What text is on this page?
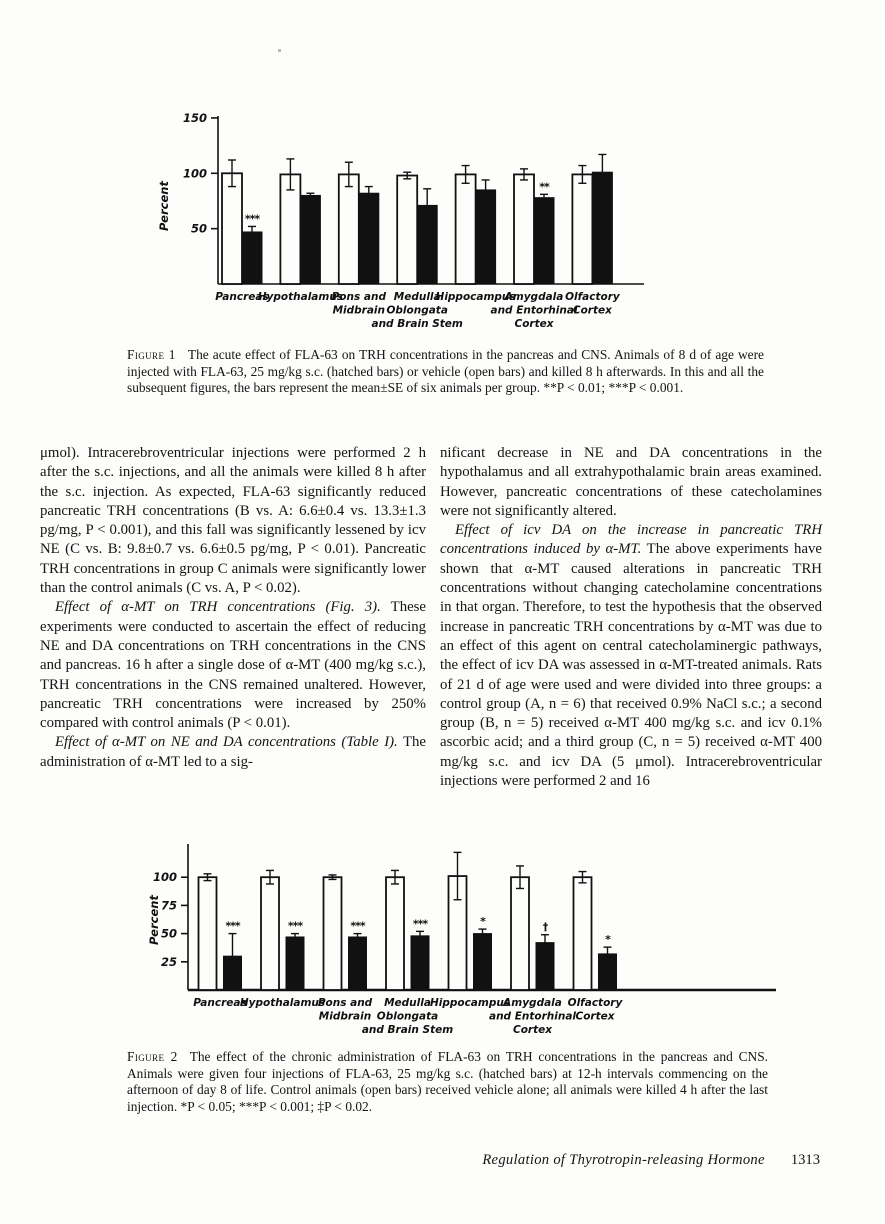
50
100
150
Percent	***
Pancreas
Hypothalamus
Pons and
Midbrain
Medulla
Oblongata
and Brain Stem
Hippocampus
**
Amygdala
and Entorhinal
Cortex
Olfactory
Cortex

Figure 1 The acute effect of FLA-63 on TRH concentrations in the pancreas and CNS. Animals of 8 d of age were injected with FLA-63, 25 mg/kg s.c. (hatched bars) or vehicle (open bars) and killed 8 h afterwards. In this and all the subsequent figures, the bars represent the mean±SE of six animals per group. **P < 0.01; ***P < 0.001.

μmol). Intracerebroventricular injections were performed 2 h after the s.c. injections, and all the animals were killed 8 h after the s.c. injection. As expected, FLA-63 significantly reduced pancreatic TRH concentrations (B vs. A: 6.6±0.4 vs. 13.3±1.3 pg/mg, P < 0.001), and this fall was significantly lessened by icv NE (C vs. B: 9.8±0.7 vs. 6.6±0.5 pg/mg, P < 0.01). Pancreatic TRH concentrations in group C animals were significantly lower than the control animals (C vs. A, P < 0.02).

Effect of α-MT on TRH concentrations (Fig. 3). These experiments were conducted to ascertain the effect of reducing NE and DA concentrations on TRH concentrations in the CNS and pancreas. 16 h after a single dose of α-MT (400 mg/kg s.c.), TRH concentrations in the CNS remained unaltered. However, pancreatic TRH concentrations were increased by 250% compared with control animals (P < 0.01).

Effect of α-MT on NE and DA concentrations (Table I). The administration of α-MT led to a sig-

nificant decrease in NE and DA concentrations in the hypothalamus and all extrahypothalamic brain areas examined. However, pancreatic concentrations of these catecholamines were not significantly altered.

Effect of icv DA on the increase in pancreatic TRH concentrations induced by α-MT. The above experiments have shown that α-MT caused alterations in pancreatic TRH concentrations without changing catecholamine concentrations in that organ. Therefore, to test the hypothesis that the observed increase in pancreatic TRH concentrations by α-MT was due to an effect of this agent on central catecholaminergic pathways, the effect of icv DA was assessed in α-MT-treated animals. Rats of 21 d of age were used and were divided into three groups: a control group (A, n = 6) that received 0.9% NaCl s.c.; a second group (B, n = 5) received α-MT 400 mg/kg s.c. and icv 0.1% ascorbic acid; and a third group (C, n = 5) received α-MT 400 mg/kg s.c. and icv DA (5 μmol). Intracerebroventricular injections were performed 2 and 16

25
50
75
100
Percent	***
Pancreas
***
Hypothalamus
***
Pons and
Midbrain
***
Medulla
Oblongata
and Brain Stem
*
Hippocampus
†
Amygdala
and Entorhinal
Cortex
*
Olfactory
Cortex

Figure 2 The effect of the chronic administration of FLA-63 on TRH concentrations in the pancreas and CNS. Animals were given four injections of FLA-63, 25 mg/kg s.c. (hatched bars) at 12-h intervals commencing on the afternoon of day 8 of life. Control animals (open bars) received vehicle alone; all animals were killed 4 h after the last injection. *P < 0.05; ***P < 0.001; ‡P < 0.02.

Regulation of Thyrotropin-releasing Hormone 1313
